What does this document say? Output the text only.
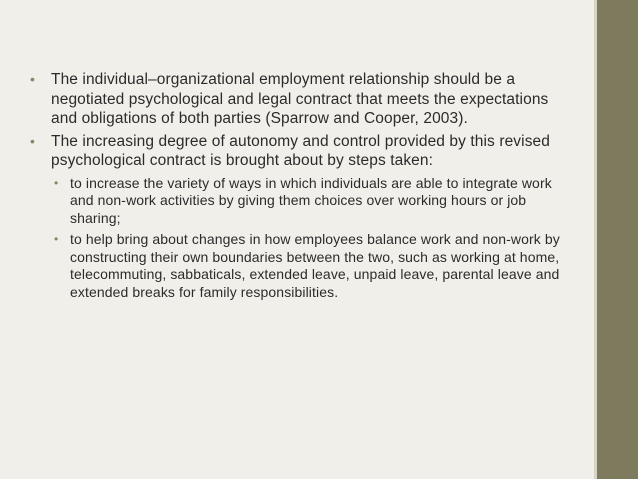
• The individual–organizational employment relationship should be a negotiated psychological and legal contract that meets the expectations and obligations of both parties (Sparrow and Cooper, 2003).
• The increasing degree of autonomy and control provided by this revised psychological contract is brought about by steps taken:
• to increase the variety of ways in which individuals are able to integrate work and non-work activities by giving them choices over working hours or job sharing;
• to help bring about changes in how employees balance work and non-work by constructing their own boundaries between the two, such as working at home, telecommuting, sabbaticals, extended leave, unpaid leave, parental leave and extended breaks for family responsibilities.
